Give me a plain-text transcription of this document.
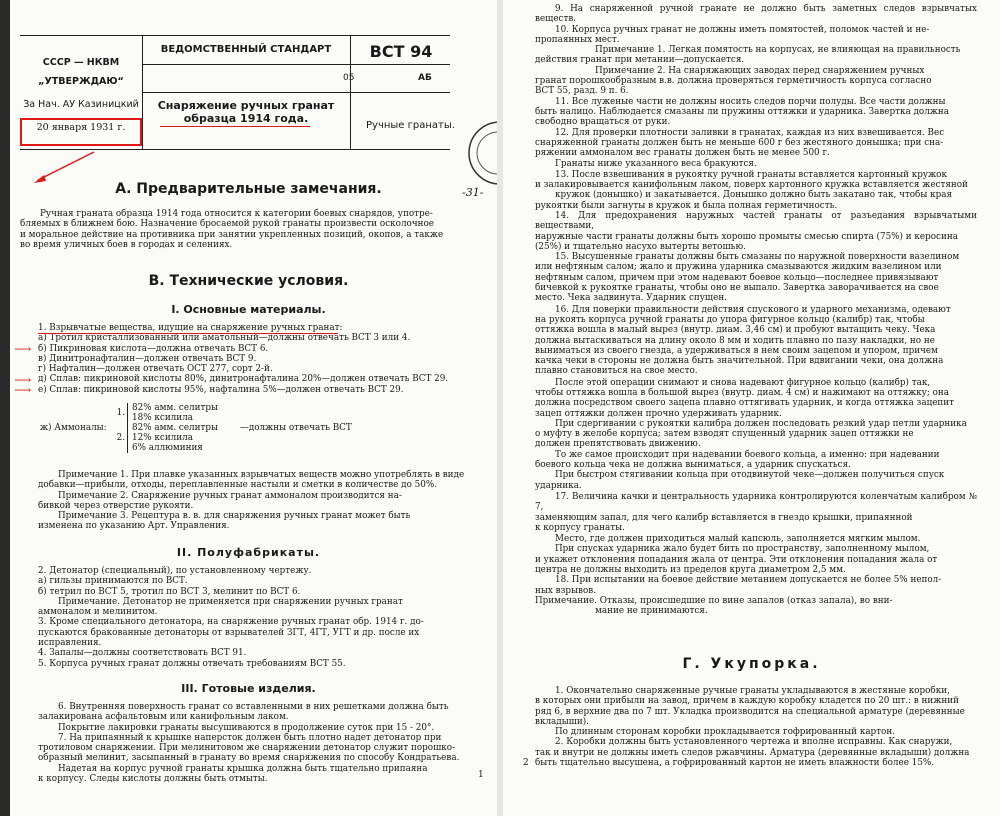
СССР — НКВМ
„УТВЕРЖДАЮ“
За Нач. АУ Казиницкий
20 января 1931 г.
ВЕДОМСТВЕННЫЙ СТАНДАРТ	ВСТ 94
05	АБ
Снаряжение ручных гранат
образца 1914 года.
Ручные гранаты.
-31-
А. Предварительные замечания.

Ручная граната образца 1914 года относится к категории боевых снарядов, употре-

бляемых в ближнем бою. Назначение бросаемой рукой гранаты произвести осколочное

и моральное действие на противника при занятии укрепленных позиций, окопов, а также

во время уличных боев в городах и селениях.

В. Технические условия.
I. Основные материалы.

1. Взрывчатые вещества, идущие на снаряжение ручных гранат:

а) Тротил кристаллизованный или аматольный—должны отвечать ВСТ 3 или 4.

б) Пикриновая кислота—должна отвечать ВСТ 6.

в) Динитронафталин—должен отвечать ВСТ 9.

г) Нафталин—должен отвечать ОСТ 277, сорт 2-й.

д) Сплав: пикриновой кислоты 80%, динитронафталина 20%—должен отвечать ВСТ 29.

е) Сплав: пикриновой кислоты 95%, нафталина 5%—должен отвечать ВСТ 29.

⟶
⟶
⟶
ж) Аммоналы:	1.	82% амм. селитры
18% ксилила	—должны отвечать ВСТ
	2.	82% амм. селитры
12% ксилила
6% аллюминия	

Примечание 1. При плавке указанных взрывчатых веществ можно употреблять в виде

добавки—прибыли, отходы, переплавленные настыли и сметки в количестве до 50%.

Примечание 2. Снаряжение ручных гранат аммоналом производится на-

бивкой через отверстие рукояти.

Примечание 3. Рецептура в. в. для снаряжения ручных гранат может быть

изменена по указанию Арт. Управления.

II. Полуфабрикаты.

2. Детонатор (специальный), по установленному чертежу.

а) гильзы принимаются по ВСТ.

б) тетрил по ВСТ 5, тротил по ВСТ 3, мелинит по ВСТ 6.

Примечание. Детонатор не применяется при снаряжении ручных гранат

аммоналом и мелинитом.

3. Кроме специального детонатора, на снаряжение ручных гранат обр. 1914 г. до-

пускаются бракованные детонаторы от взрывателей ЗГТ, 4ГТ, УГТ и др. после их

исправления.

4. Запалы—должны соответствовать ВСТ 91.

5. Корпуса ручных гранат должны отвечать требованиям ВСТ 55.

III. Готовые изделия.

6. Внутренняя поверхность гранат со вставленными в них решетками должна быть

залакирована асфальтовым или канифольным лаком.

Покрытие лакировки гранаты высушиваются в продолжение суток при 15 - 20°.

7. На припаянный к крышке наперсток должен быть плотно надет детонатор при

тротиловом снаряжении. При мелинитовом же снаряжении детонатор служит порошко-

образный мелинит, засыпанный в гранату во время снаряжения по способу Кондратьева.

Надетая на корпус ручной гранаты крышка должна быть тщательно припаяна

к корпусу. Следы кислоты должны быть отмыты.	1

9. На снаряженной ручной гранате не должно быть заметных следов взрывчатых веществ.

10. Корпуса ручных гранат не должны иметь помятостей, поломок частей и не-

пропаянных мест.

Примечание 1. Легкая помятость на корпусах, не влияющая на правильность

действия гранат при метании—допускается.

Примечание 2. На снаряжающих заводах перед снаряжением ручных

гранат порошкообразным в.в. должна проверяться герметичность корпуса согласно

ВСТ 55, разд. 9 п. 6.

11. Все луженые части не должны носить следов порчи полуды. Все части должны

быть налицо. Наблюдается смазаны ли пружины оттяжки и ударника. Завертка должна

свободно вращаться от руки.

12. Для проверки плотности заливки в гранатах, каждая из них взвешивается. Вес

снаряженной гранаты должен быть не меньше 600 г без жестяного донышка; при сна-

ряжении аммоналом вес гранаты должен быть не менее 500 г.

Гранаты ниже указанного веса бракуются.

13. После взвешивания в рукоятку ручной гранаты вставляется картонный кружок

и залакировывается канифольным лаком, поверх картонного кружка вставляется жестяной

кружок (донышко) и закатывается. Донышко должно быть закатано так, чтобы края

рукоятки были загнуты в кружок и была полная герметичность.

14. Для предохранения наружных частей гранаты от разъедания взрывчатыми веществами,

наружные части гранаты должны быть хорошо промыты смесью спирта (75%) и керосина

(25%) и тщательно насухо вытерты ветошью.

15. Высушенные гранаты должны быть смазаны по наружной поверхности вазелином

или нефтяным салом; жало и пружина ударника смазываются жидким вазелином или

нефтяным салом, причем при этом надевают боевое кольцо—последнее привязывают

бичевкой к рукоятке гранаты, чтобы оно не выпало. Завертка заворачивается на свое

место. Чека задвинута. Ударник спущен.

16. Для поверки правильности действия спускового и ударного механизма, одевают

на рукоять корпуса ручной гранаты до упора фигурное кольцо (калибр) так, чтобы

оттяжка вошла в малый вырез (внутр. диам. 3,46 см) и пробуют вытащить чеку. Чека

должна вытаскиваться на длину около 8 мм и ходить плавно по пазу накладки, но не

выниматься из своего гнезда, а удерживаться в нем своим зацепом и упором, причем

качка чеки в стороны не должна быть значительной. При вдвигании чеки, она должна

плавно становиться на свое место.

После этой операции снимают и снова надевают фигурное кольцо (калибр) так,

чтобы оттяжка вошла в большой вырез (внутр. диам. 4 см) и нажимают на оттяжку; она

должна посредством своего зацепа плавно оттягивать ударник, и когда оттяжка зацепит

зацеп оттяжки должен прочно удерживать ударник.

При сдергивании с рукоятки калибра должен последовать резкий удар петли ударника

о муфту в желобе корпуса; затем взводят спущенный ударник зацеп оттяжки не

должен препятствовать движению.

То же самое происходит при надевании боевого кольца, а именно: при надевании

боевого кольца чека не должна выниматься, а ударник спускаться.

При быстром стягивании кольца при отодвинутой чеке—должен получиться спуск

ударника.

17. Величина качки и центральность ударника контролируются коленчатым калибром № 7,

заменяющим запал, для чего калибр вставляется в гнездо крышки, припаянной

к корпусу гранаты.

Место, где должен приходиться малый капсюль, заполняется мягким мылом.

При спусках ударника жало будет бить по пространству, заполненному мылом,

и укажет отклонения попадания жала от центра. Эти отклонения попадания жала от

центра не должны выходить из пределов круга диаметром 2,5 мм.

18. При испытании на боевое действие метанием допускается не более 5% непол-

ных взрывов.

Примечание. Отказы, происшедшие по вине запалов (отказ запала), во вни-

мание не принимаются.

Г. Укупорка.

1. Окончательно снаряженные ручные гранаты укладываются в жестяные коробки,

в которых они прибыли на завод, причем в каждую коробку кладется по 20 шт.: в нижний

ряд 6, в верхние два по 7 шт. Укладка производится на специальной арматуре (деревянные

вкладыши).

По длинным сторонам коробки прокладывается гофрированный картон.

2. Коробки должны быть установленного чертежа и вполне исправны. Как снаружи,

так и внутри не должны иметь следов ржавчины. Арматура (деревянные вкладыши) должна

быть тщательно высушена, а гофрированный картон не иметь влажности более 15%.

2
